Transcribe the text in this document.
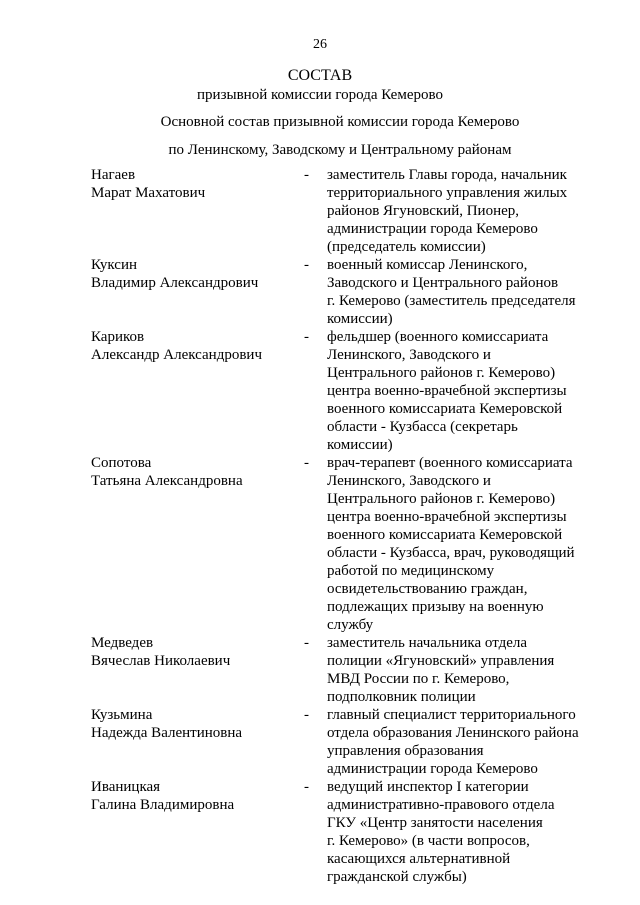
26
СОСТАВ
призывной комиссии города Кемерово
Основной состав призывной комиссии города Кемерово
по Ленинскому, Заводскому и Центральному районам
Нагаев
Марат Махатович
-	заместитель Главы города, начальник
территориального управления жилых
районов Ягуновский, Пионер,
администрации города Кемерово
(председатель комиссии)
Куксин
Владимир Александрович
-	военный комиссар Ленинского,
Заводского и Центрального районов
г. Кемерово (заместитель председателя
комиссии)
Кариков
Александр Александрович
-	фельдшер (военного комиссариата
Ленинского, Заводского и
Центрального районов г. Кемерово)
центра военно-врачебной экспертизы
военного комиссариата Кемеровской
области - Кузбасса (секретарь
комиссии)
Сопотова
Татьяна Александровна
-	врач-терапевт (военного комиссариата
Ленинского, Заводского и
Центрального районов г. Кемерово)
центра военно-врачебной экспертизы
военного комиссариата Кемеровской
области - Кузбасса, врач, руководящий
работой по медицинскому
освидетельствованию граждан,
подлежащих призыву на военную
службу
Медведев
Вячеслав Николаевич
-	заместитель начальника отдела
полиции «Ягуновский» управления
МВД России по г. Кемерово,
подполковник полиции
Кузьмина
Надежда Валентиновна
-	главный специалист территориального
отдела образования Ленинского района
управления образования
администрации города Кемерово
Иваницкая
Галина Владимировна
-	ведущий инспектор I категории
административно-правового отдела
ГКУ «Центр занятости населения
г. Кемерово» (в части вопросов,
касающихся альтернативной
гражданской службы)
